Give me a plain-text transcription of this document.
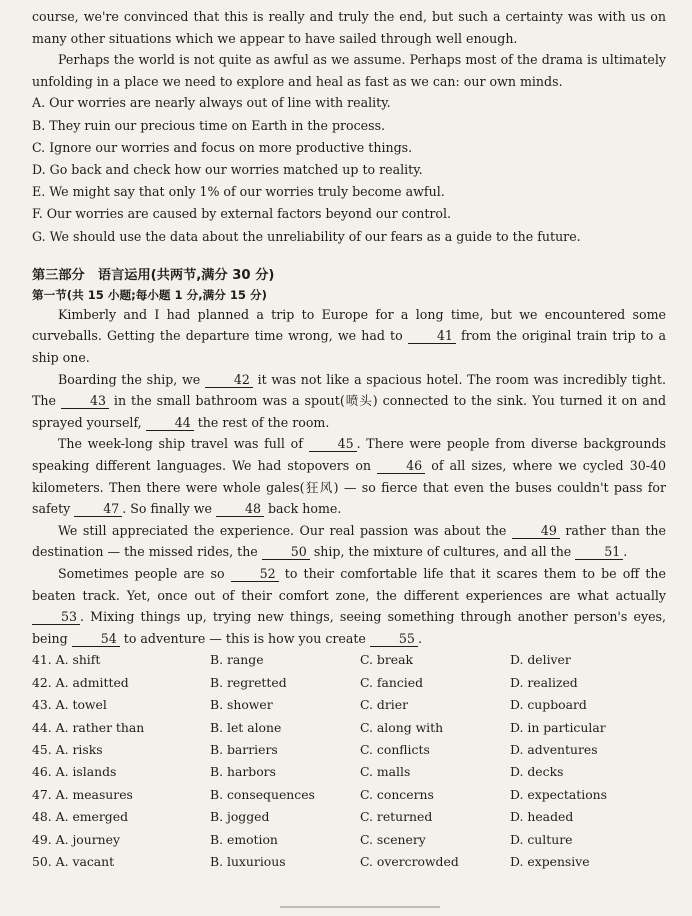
course, we're convinced that this is really and truly the end, but such a certainty was with us on many other situations which we appear to have sailed through well enough.

Perhaps the world is not quite as awful as we assume. Perhaps most of the drama is ultimately unfolding in a place we need to explore and heal as fast as we can: our own minds.

A. Our worries are nearly always out of line with reality.

B. They ruin our precious time on Earth in the process.

C. Ignore our worries and focus on more productive things.

D. Go back and check how our worries matched up to reality.

E. We might say that only 1% of our worries truly become awful.

F. Our worries are caused by external factors beyond our control.

G. We should use the data about the unreliability of our fears as a guide to the future.

第三部分　语言运用(共两节,满分 30 分)

第一节(共 15 小题;每小题 1 分,满分 15 分)

Kimberly and I had planned a trip to Europe for a long time, but we encountered some curveballs. Getting the departure time wrong, we had to 41 from the original train trip to a ship one.

Boarding the ship, we 42 it was not like a spacious hotel. The room was incredibly tight. The 43 in the small bathroom was a spout(喷头) connected to the sink. You turned it on and sprayed yourself, 44 the rest of the room.

The week-long ship travel was full of 45 . There were people from diverse backgrounds speaking different languages. We had stopovers on 46 of all sizes, where we cycled 30-40 kilometers. Then there were whole gales(狂风) — so fierce that even the buses couldn't pass for safety 47 . So finally we 48 back home.

We still appreciated the experience. Our real passion was about the 49 rather than the destination — the missed rides, the 50 ship, the mixture of cultures, and all the 51 .

Sometimes people are so 52 to their comfortable life that it scares them to be off the beaten track. Yet, once out of their comfort zone, the different experiences are what actually 53 . Mixing things up, trying new things, seeing something through another person's eyes, being 54 to adventure — this is how you create 55 .

41. A. shift	B. range	C. break	D. deliver
42. A. admitted	B. regretted	C. fancied	D. realized
43. A. towel	B. shower	C. drier	D. cupboard
44. A. rather than	B. let alone	C. along with	D. in particular
45. A. risks	B. barriers	C. conflicts	D. adventures
46. A. islands	B. harbors	C. malls	D. decks
47. A. measures	B. consequences	C. concerns	D. expectations
48. A. emerged	B. jogged	C. returned	D. headed
49. A. journey	B. emotion	C. scenery	D. culture
50. A. vacant	B. luxurious	C. overcrowded	D. expensive
